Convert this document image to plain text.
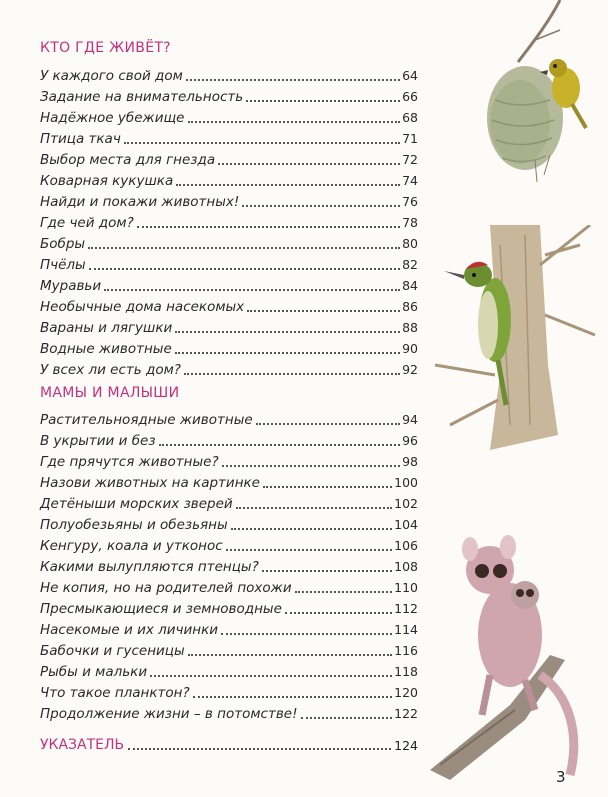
КТО ГДЕ ЖИВЁТ?
У каждого свой дом	64
Задание на внимательность	66
Надёжное убежище	68
Птица ткач	71
Выбор места для гнезда	72
Коварная кукушка	74
Найди и покажи животных!	76
Где чей дом?	78
Бобры	80
Пчёлы	82
Муравьи	84
Необычные дома насекомых	86
Вараны и лягушки	88
Водные животные	90
У всех ли есть дом?	92
МАМЫ И МАЛЫШИ
Растительноядные животные	94
В укрытии и без	96
Где прячутся животные?	98
Назови животных на картинке	100
Детёныши морских зверей	102
Полуобезьяны и обезьяны	104
Кенгуру, коала и утконос	106
Какими вылупляются птенцы?	108
Не копия, но на родителей похожи	110
Пресмыкающиеся и земноводные	112
Насекомые и их личинки	114
Бабочки и гусеницы	116
Рыбы и мальки	118
Что такое планктон?	120
Продолжение жизни – в потомстве!	122
УКАЗАТЕЛЬ	124
3
